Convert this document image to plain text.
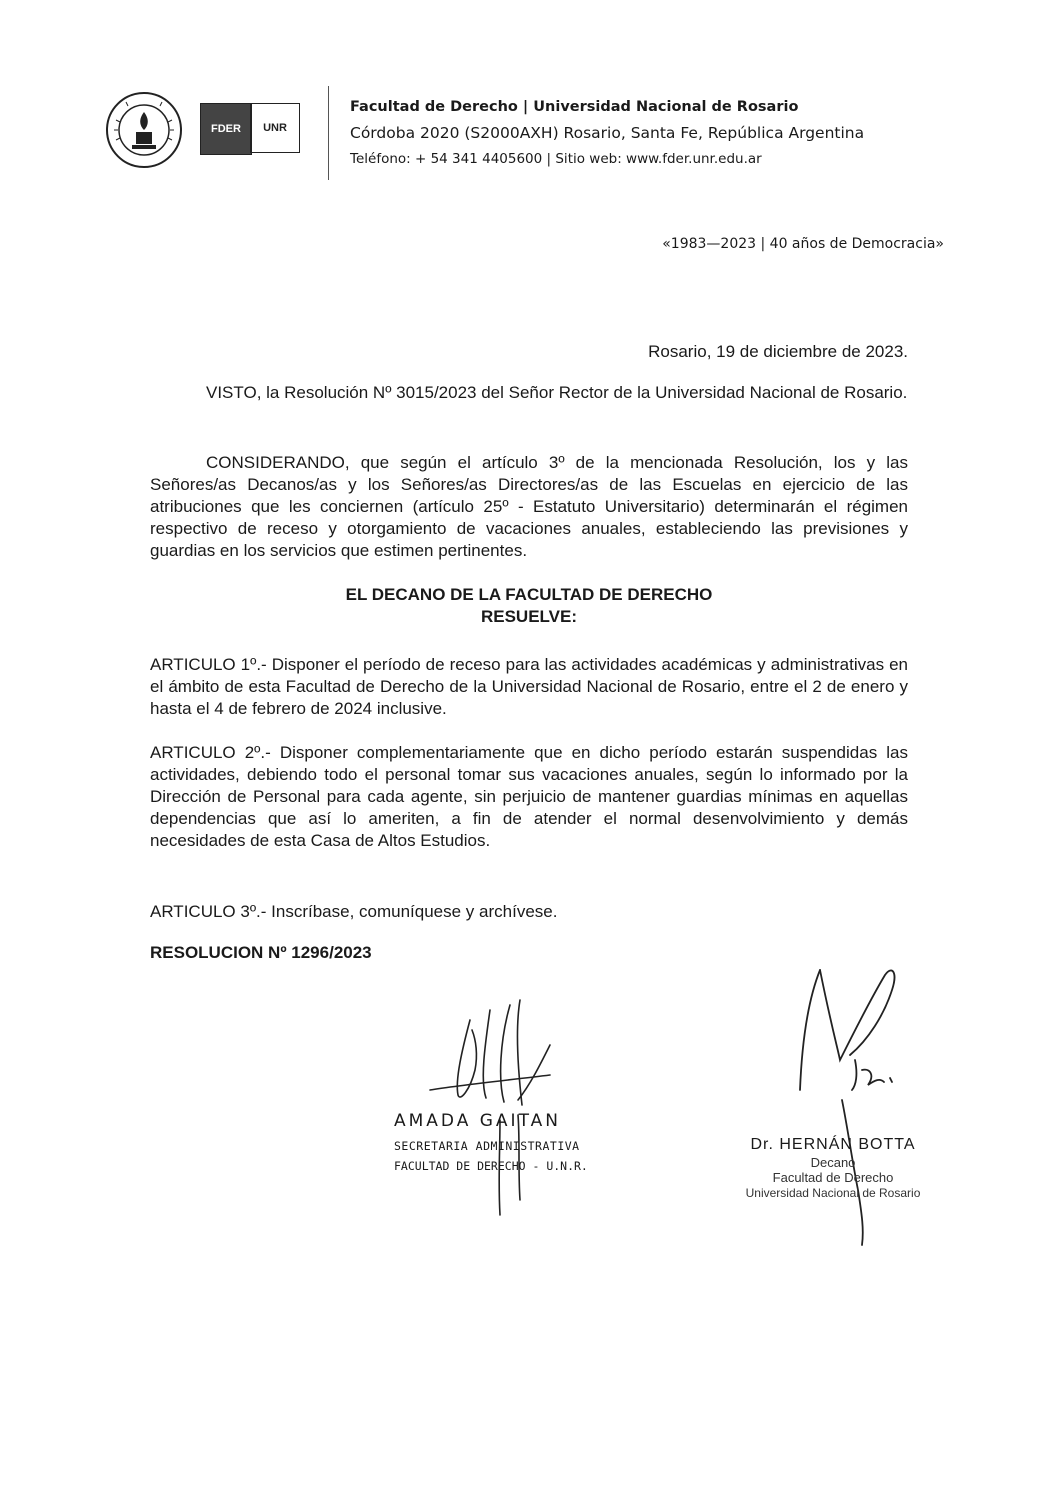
FDER UNR
Facultad de Derecho | Universidad Nacional de Rosario
Córdoba 2020 (S2000AXH) Rosario, Santa Fe, República Argentina
Teléfono: + 54 341 4405600 | Sitio web: www.fder.unr.edu.ar
«1983—2023 | 40 años de Democracia»
Rosario, 19 de diciembre de 2023.

VISTO, la Resolución Nº 3015/2023 del Señor Rector de la Universidad Nacional de Rosario.

CONSIDERANDO, que según el artículo 3º de la mencionada Resolución, los y las Señores/as Decanos/as y los Señores/as Directores/as de las Escuelas en ejercicio de las atribuciones que les conciernen (artículo 25º - Estatuto Universitario) determinarán el régimen respectivo de receso y otorgamiento de vacaciones anuales, estableciendo las previsiones y guardias en los servicios que estimen pertinentes.

EL DECANO DE LA FACULTAD DE DERECHO
RESUELVE:

ARTICULO 1º.- Disponer el período de receso para las actividades académicas y administrativas en el ámbito de esta Facultad de Derecho de la Universidad Nacional de Rosario, entre el 2 de enero y hasta el 4 de febrero de 2024 inclusive.

ARTICULO 2º.- Disponer complementariamente que en dicho período estarán suspendidas las actividades, debiendo todo el personal tomar sus vacaciones anuales, según lo informado por la Dirección de Personal para cada agente, sin perjuicio de mantener guardias mínimas en aquellas dependencias que así lo ameriten, a fin de atender el normal desenvolvimiento y demás necesidades de esta Casa de Altos Estudios.

ARTICULO 3º.- Inscríbase, comuníquese y archívese.

RESOLUCION Nº 1296/2023
AMADA GAITAN
SECRETARIA ADMINISTRATIVA
FACULTAD DE DERECHO - U.N.R.
Dr. HERNÁN BOTTA
Decano
Facultad de Derecho
Universidad Nacional de Rosario
